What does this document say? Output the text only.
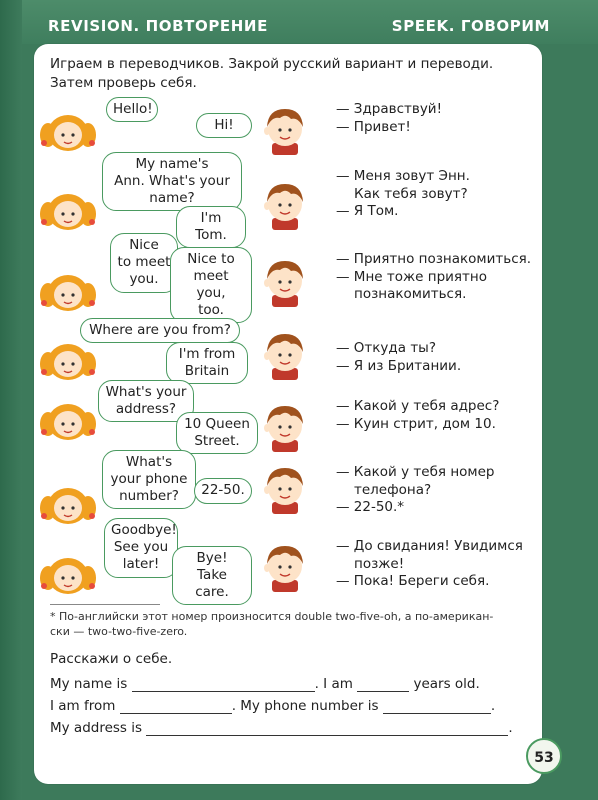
REVISION. ПОВТОРЕНИЕ	SPEEK. ГОВОРИМ
Играем в переводчиков. Закрой русский вариант и переводи.
Затем проверь себя.
Hello!
Hi!
— Здравствуй!
— Привет!
My name's
Ann. What's your
name?
I'm Tom.
— Меня зовут Энн.
Как тебя зовут?
— Я Том.
Nice
to meet
you.
Nice to
meet you,
too.
— Приятно познакомиться.
— Мне тоже приятно
познакомиться.
Where are you from?
I'm from
Britain
— Откуда ты?
— Я из Британии.
What's your
address?
10 Queen
Street.
— Какой у тебя адрес?
— Куин стрит, дом 10.
What's
your phone
number?	22-50.
— Какой у тебя номер
телефона?
— 22-50.*
Goodbye!
See you
later!	Bye!
Take care.
— До свидания! Увидимся
позже!
— Пока! Береги себя.
* По-английски этот номер произносится double two-five-oh, а по-американ-
ски — two-two-five-zero.
Расскажи о себе.
My name is	. I am	years old.
I am from	. My phone number is	.
My address is	.
53
